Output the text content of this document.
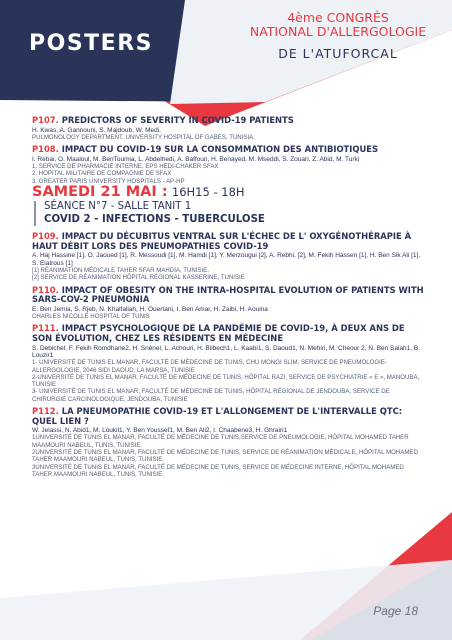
POSTERS
4ème CONGRÈS
NATIONAL D'ALLERGOLOGIE
DE L'ATUFORCAL

P107. PREDICTORS OF SEVERITY IN COVID-19 PATIENTS

H. Kwas, A. Gannouni, S. Majdoub, W. Medi.

PULMONOLOGY DEPARTMENT, UNIVERSITY HOSPITAL OF GABES, TUNISIA.

P108. IMPACT DU COVID-19 SUR LA CONSOMMATION DES ANTIBIOTIQUES

I. Rebai, O. Maaloul, M. BenToumia, L. Abdelhedi, A. Baffoun, H. Benayed, M. Mseddi, S. Zouari, Z. Abid, M. Turki

1. SERVICE DE PHARMACIE INTERNE, EPS HEDI-CHAKER SFAX

2. HOPITAL MILITAIRE DE COMPAGNIE DE SFAX

3. GREATER PARIS UNIVERSITY HOSPITALS - AP-HP

SAMEDI 21 MAI : 16H15 - 18H
SÉANCE N°7 - SALLE TANIT 1
COVID 2 - INFECTIONS - TUBERCULOSE

P109. IMPACT DU DÉCUBITUS VENTRAL SUR L'ÉCHEC DE L' OXYGÉNOTHÉRAPIE À HAUT DÉBIT LORS DES PNEUMOPATHIES COVID-19

A. Haj Hassine [1], O. Jaoued [1], R. Messoudi [1], M. Hamdi [1], Y. Merzougui [2], A. Rebhi, [2], M. Fekih Hassen [1], H. Ben Sik Ali [1], S. Elatrous [1]

[1] RÉANIMATION MÉDICALE TAHER SFAR MAHDIA, TUNISIE,

[2] SERVICE DE RÉANIMATION HÔPITAL RÉGIONAL KASSERINE, TUNISIE

P110. IMPACT OF OBESITY ON THE INTRA-HOSPITAL EVOLUTION OF PATIENTS WITH SARS-COV-2 PNEUMONIA

E. Ben Jemia, S. Rjeb, N. Khalfallah, H. Ouertani, I. Ben Amar, H. Zaibi, H. Aouina

CHARLES NICOLLE HOSPITAL OF TUNIS

P111. IMPACT PSYCHOLOGIQUE DE LA PANDÉMIE DE COVID-19, À DEUX ANS DE SON ÉVOLUTION, CHEZ LES RÉSIDENTS EN MÉDECINE

S. Debichel, F. Fekih Romdhane2, H. Snènel, L. Achouri, H. Blibech1, L. Kaabi1, S. Daoud1, N. Mehiri, M. Cheour 2, N. Ben Salah1, B. Louzir1

1- UNIVERSITÉ DE TUNIS EL MANAR, FACULTÉ DE MÉDECINE DE TUNIS, CHU MONGI SLIM, SERVICE DE PNEUMOLOGIE-ALLERGOLOGIE, 2046 SIDI DAOUD, LA MARSA, TUNISIE

2-UNIVERSITÉ DE TUNIS EL MANAR, FACULTÉ DE MÉDECINE DE TUNIS, HÔPITAL RAZI, SERVICE DE PSYCHIATRIE « E », MANOUBA, TUNISIE

3- UNIVERSITÉ DE TUNIS EL MANAR, FACULTÉ DE MÉDECINE DE TUNIS, HÔPITAL RÉGIONAL DE JENDOUBA, SERVICE DE CHIRURGIE CARCINOLOGIQUE, JENDOUBA, TUNISIE

P112. LA PNEUMOPATHIE COVID-19 ET L'ALLONGEMENT DE L'INTERVALLE QTC: QUEL LIEN ?

W. Jelassi, N. Abid1, M. Loukil1, Y. Ben Youssef1, M. Ben Ali2, I. Chaabene3, H. Ghrairi1

1UNIVERSITÉ DE TUNIS EL MANAR, FACULTÉ DE MÉDECINE DE TUNIS,SERVICE DE PNEUMOLOGIE, HÔPITAL MOHAMED TAHER MAAMOURI NABEUL, TUNIS, TUNISIE.

2UNIVERSITÉ DE TUNIS EL MANAR, FACULTÉ DE MÉDECINE DE TUNIS, SERVICE DE RÉANIMATION MÉDICALE, HÔPITAL MOHAMED TAHER MAAMOURI NABEUL, TUNIS, TUNISIE.

3UNIVERSITÉ DE TUNIS EL MANAR, FACULTÉ DE MÉDECINE DE TUNIS, SERVICE DE MÉDECINE INTERNE, HÔPITAL MOHAMED TAHER MAAMOURI NABEUL, TUNIS, TUNISIE.

Page 18
